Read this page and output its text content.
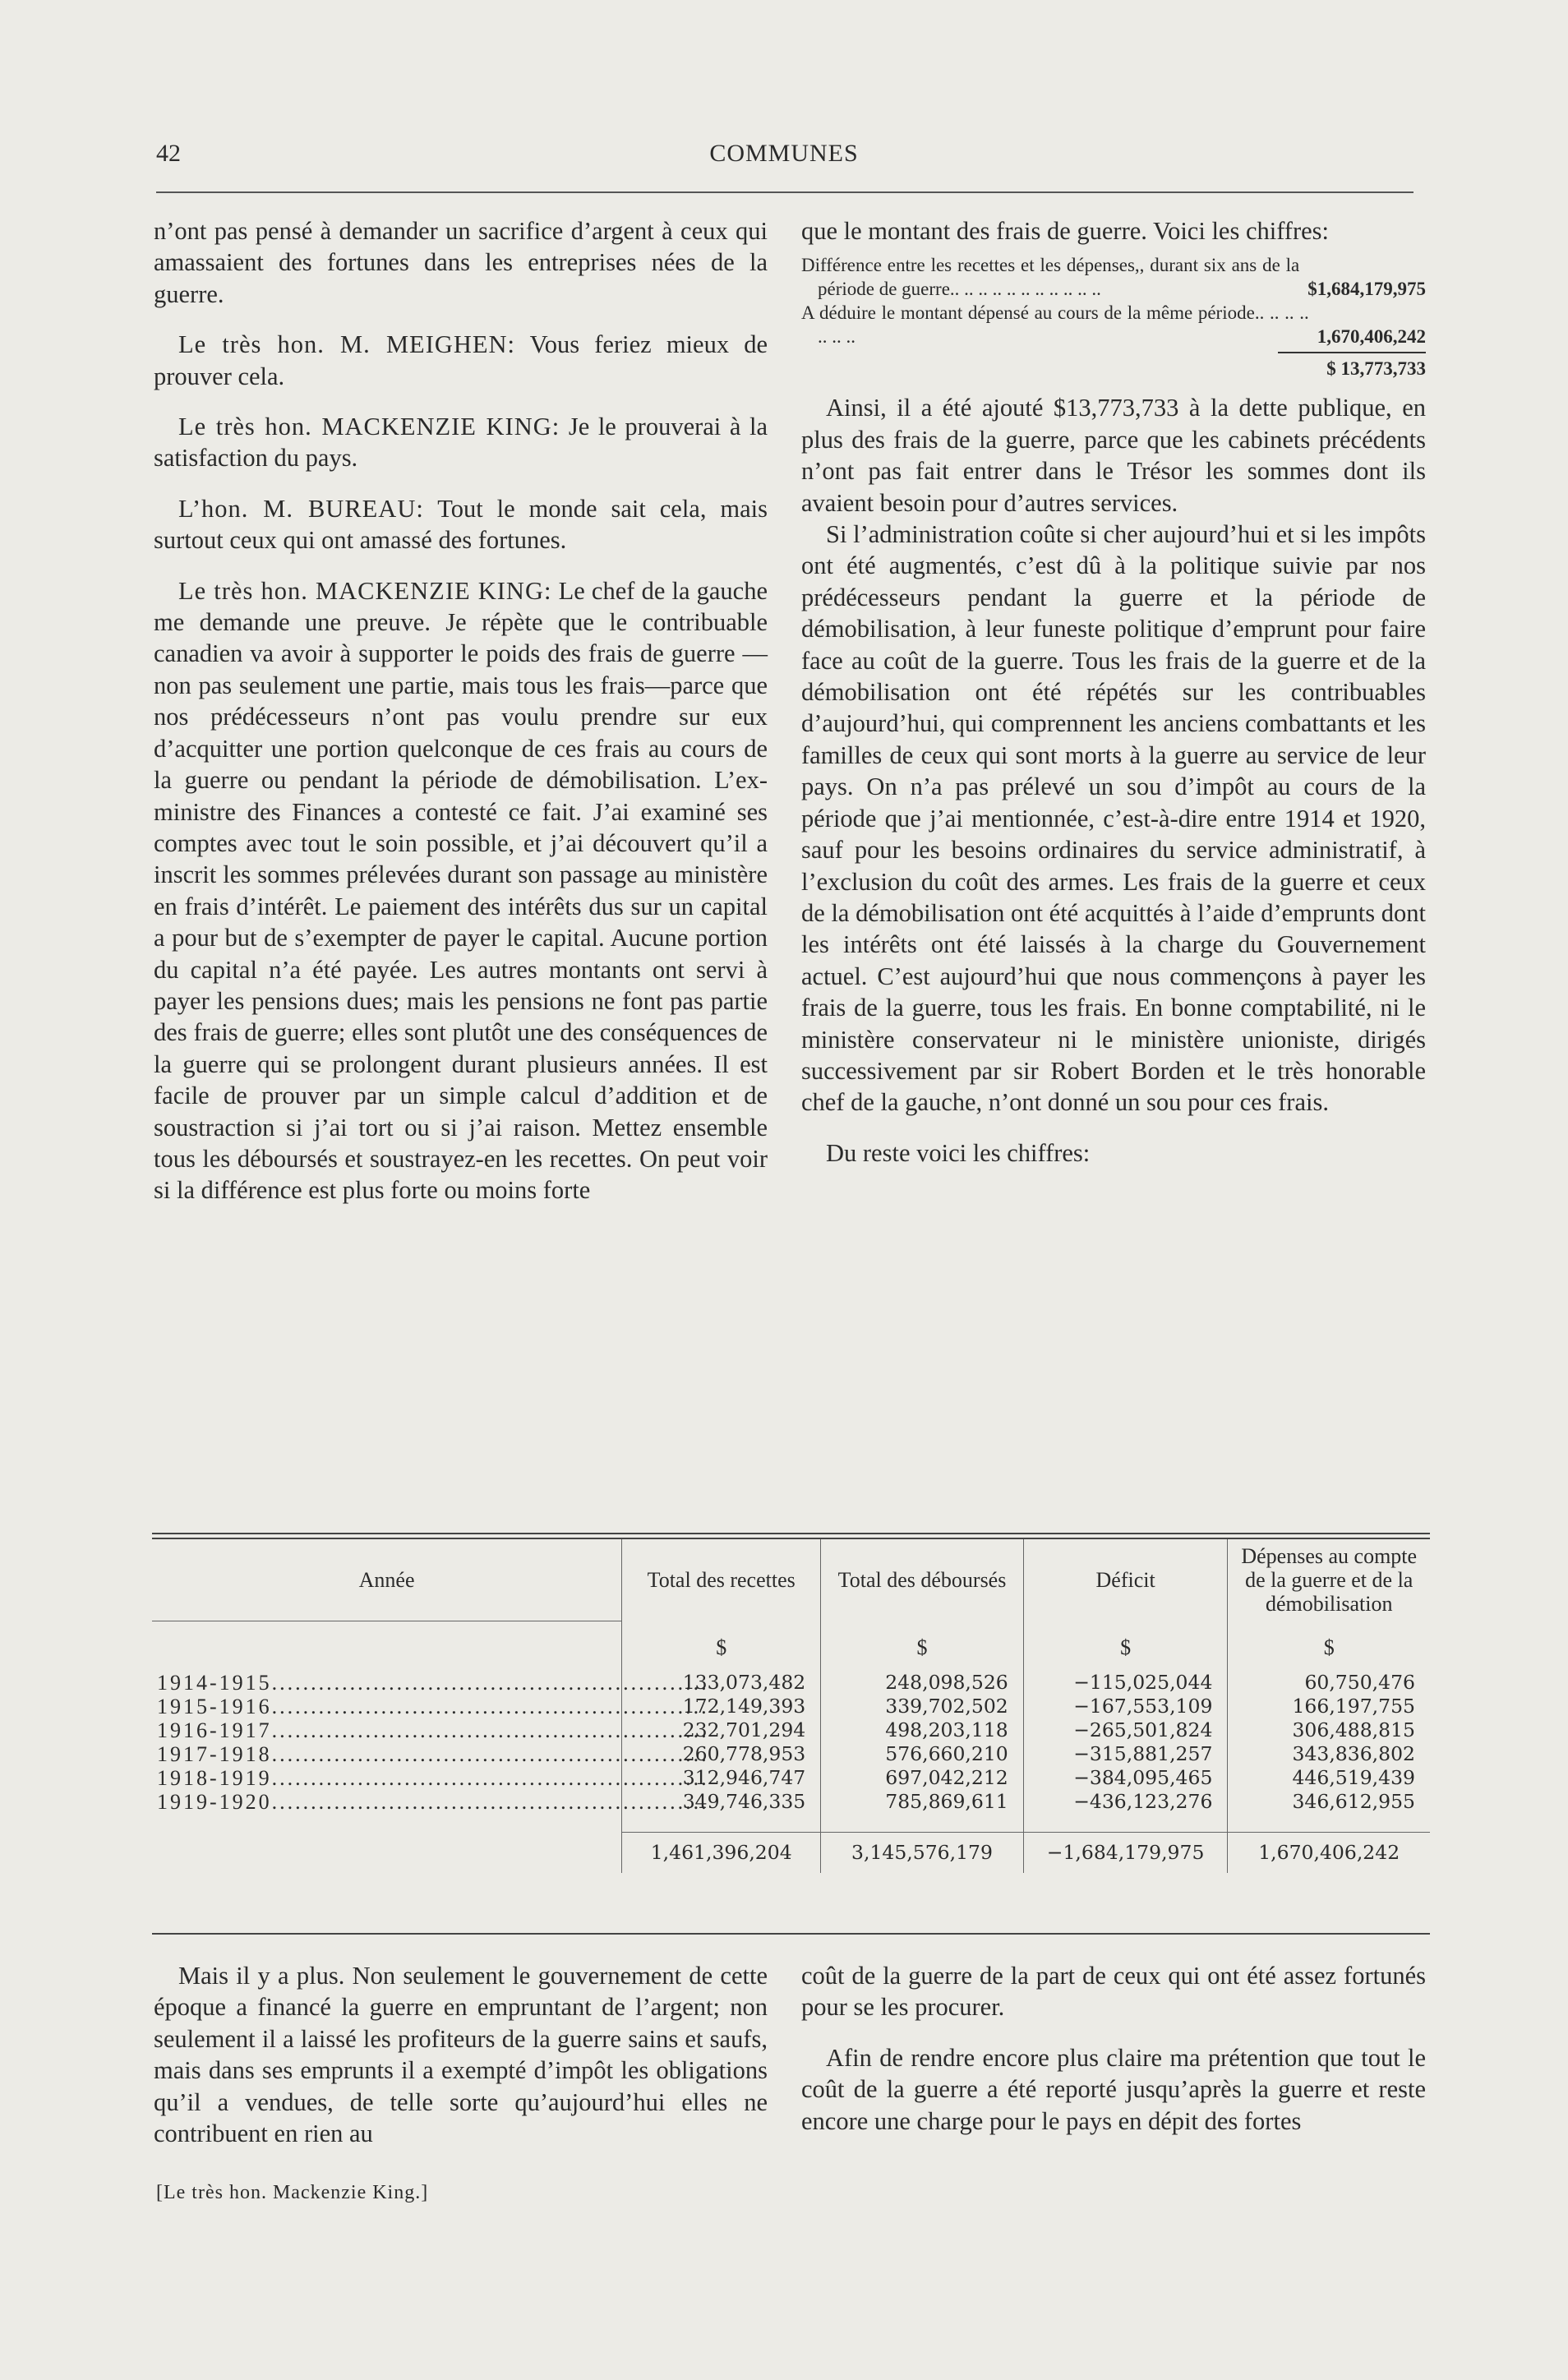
42	COMMUNES

n’ont pas pensé à demander un sacrifice d’argent à ceux qui amassaient des fortunes dans les entreprises nées de la guerre.

Le très hon. M. MEIGHEN: Vous feriez mieux de prouver cela.

Le très hon. MACKENZIE KING: Je le prouverai à la satisfaction du pays.

L’hon. M. BUREAU: Tout le monde sait cela, mais surtout ceux qui ont amassé des fortunes.

Le très hon. MACKENZIE KING: Le chef de la gauche me demande une preuve. Je répète que le contribuable canadien va avoir à supporter le poids des frais de guerre —non pas seulement une partie, mais tous les frais—parce que nos prédécesseurs n’ont pas voulu prendre sur eux d’acquitter une portion quelconque de ces frais au cours de la guerre ou pendant la période de démobilisation. L’ex-ministre des Finances a contesté ce fait. J’ai examiné ses comptes avec tout le soin possible, et j’ai découvert qu’il a inscrit les sommes prélevées durant son passage au ministère en frais d’intérêt. Le paiement des intérêts dus sur un capital a pour but de s’exempter de payer le capital. Aucune portion du capital n’a été payée. Les autres montants ont servi à payer les pensions dues; mais les pensions ne font pas partie des frais de guerre; elles sont plutôt une des conséquences de la guerre qui se prolongent durant plusieurs années. Il est facile de prouver par un simple calcul d’addition et de soustraction si j’ai tort ou si j’ai raison. Mettez ensemble tous les déboursés et soustrayez-en les recettes. On peut voir si la différence est plus forte ou moins forte

que le montant des frais de guerre. Voici les chiffres:

Différence entre les recettes et les dépenses,, durant six ans de la période de guerre.. .. .. .. .. .. .. .. .. .. ..	$1,684,179,975
A déduire le montant dépensé au cours de la même période.. .. .. .. .. .. ..	1,670,406,242
$ 13,773,733

Ainsi, il a été ajouté $13,773,733 à la dette publique, en plus des frais de la guerre, parce que les cabinets précédents n’ont pas fait entrer dans le Trésor les sommes dont ils avaient besoin pour d’autres services.

Si l’administration coûte si cher aujourd’hui et si les impôts ont été augmentés, c’est dû à la politique suivie par nos prédécesseurs pendant la guerre et la période de démobilisation, à leur funeste politique d’emprunt pour faire face au coût de la guerre. Tous les frais de la guerre et de la démobilisation ont été répétés sur les contribuables d’aujourd’hui, qui comprennent les anciens combattants et les familles de ceux qui sont morts à la guerre au service de leur pays. On n’a pas prélevé un sou d’impôt au cours de la période que j’ai mentionnée, c’est-à-dire entre 1914 et 1920, sauf pour les besoins ordinaires du service administratif, à l’exclusion du coût des armes. Les frais de la guerre et ceux de la démobilisation ont été acquittés à l’aide d’emprunts dont les intérêts ont été laissés à la charge du Gouvernement actuel. C’est aujourd’hui que nous commençons à payer les frais de la guerre, tous les frais. En bonne comptabilité, ni le ministère conservateur ni le ministère unioniste, dirigés successivement par sir Robert Borden et le très honorable chef de la gauche, n’ont donné un sou pour ces frais.

Du reste voici les chiffres:

Année	Total des recettes	Total des déboursés	Déficit	Dépenses au compte de la guerre et de la démobilisation
	$	$	$	$
1914-1915........................................................	133,073,482	248,098,526	−115,025,044	60,750,476
1915-1916........................................................	172,149,393	339,702,502	−167,553,109	166,197,755
1916-1917........................................................	232,701,294	498,203,118	−265,501,824	306,488,815
1917-1918........................................................	260,778,953	576,660,210	−315,881,257	343,836,802
1918-1919........................................................	312,946,747	697,042,212	−384,095,465	446,519,439
1919-1920........................................................	349,746,335	785,869,611	−436,123,276	346,612,955
	1,461,396,204	3,145,576,179	−1,684,179,975	1,670,406,242

Mais il y a plus. Non seulement le gouvernement de cette époque a financé la guerre en empruntant de l’argent; non seulement il a laissé les profiteurs de la guerre sains et saufs, mais dans ses emprunts il a exempté d’impôt les obligations qu’il a vendues, de telle sorte qu’aujourd’hui elles ne contribuent en rien au

coût de la guerre de la part de ceux qui ont été assez fortunés pour se les procurer.

Afin de rendre encore plus claire ma prétention que tout le coût de la guerre a été reporté jusqu’après la guerre et reste encore une charge pour le pays en dépit des fortes

[Le très hon. Mackenzie King.]
